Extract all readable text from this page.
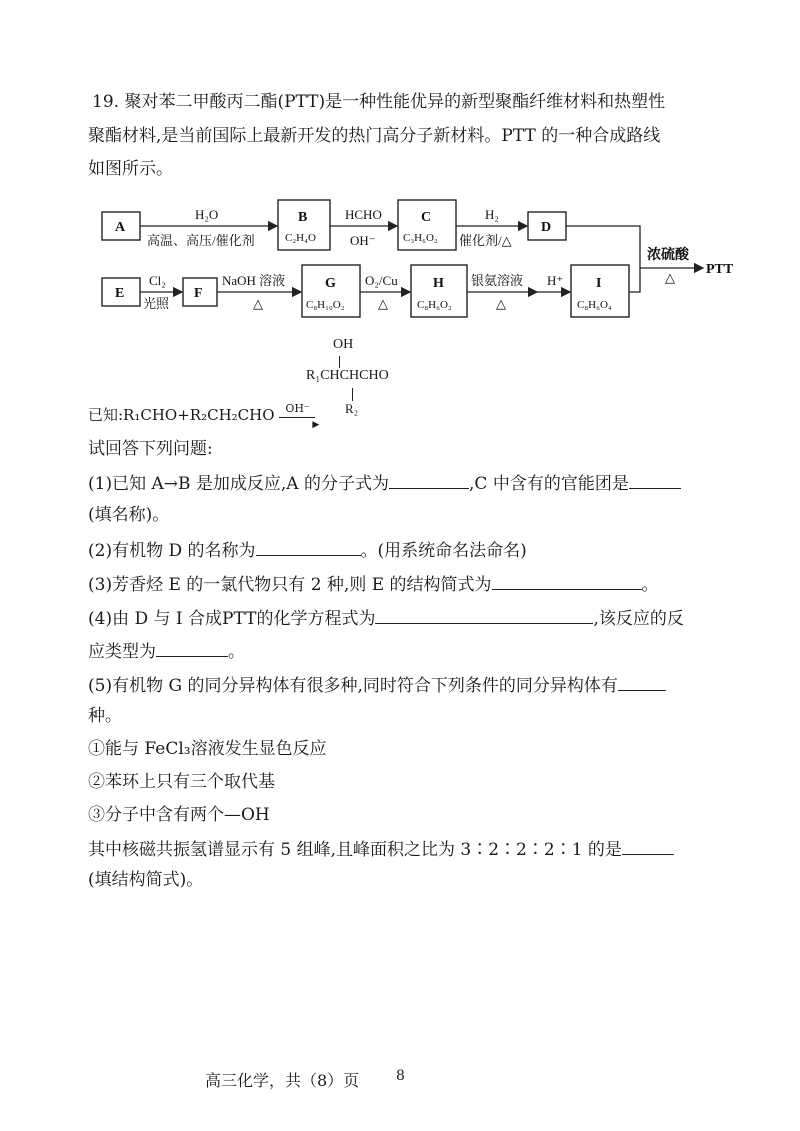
19. 聚对苯二甲酸丙二酯(PTT)是一种性能优异的新型聚酯纤维材料和热塑性
聚酯材料,是当前国际上最新开发的热门高分子新材料。PTT 的一种合成路线
如图所示。
A
H₂O
高温、高压/催化剂
B
C₂H₄O
HCHO
OH⁻
C
C₃H₆O₂
H₂
催化剂/△
D
E
Cl₂
光照
F
NaOH 溶液
△
G
C₈H₁₀O₂
O₂/Cu
△
H
C₈H₆O₂
银氨溶液
△
H⁺ I
C₈H₆O₄
浓硫酸
△
PTT
OH
R₁CHCHCHO
R₂
已知:R₁CHO+R₂CH₂CHO OH⁻
▶
试回答下列问题:
(1)已知 A→B 是加成反应,A 的分子式为	,C 中含有的官能团是
(填名称)。
(2)有机物 D 的名称为	。(用系统命名法命名)
(3)芳香烃 E 的一氯代物只有 2 种,则 E 的结构简式为	。
(4)由 D 与 I 合成PTT的化学方程式为	,该反应的反
应类型为	。
(5)有机物 G 的同分异构体有很多种,同时符合下列条件的同分异构体有
种。
①能与 FeCl₃溶液发生显色反应
②苯环上只有三个取代基
③分子中含有两个—OH
其中核磁共振氢谱显示有 5 组峰,且峰面积之比为 3∶2∶2∶2∶1 的是
(填结构简式)。
高三化学，共（8）页	8
